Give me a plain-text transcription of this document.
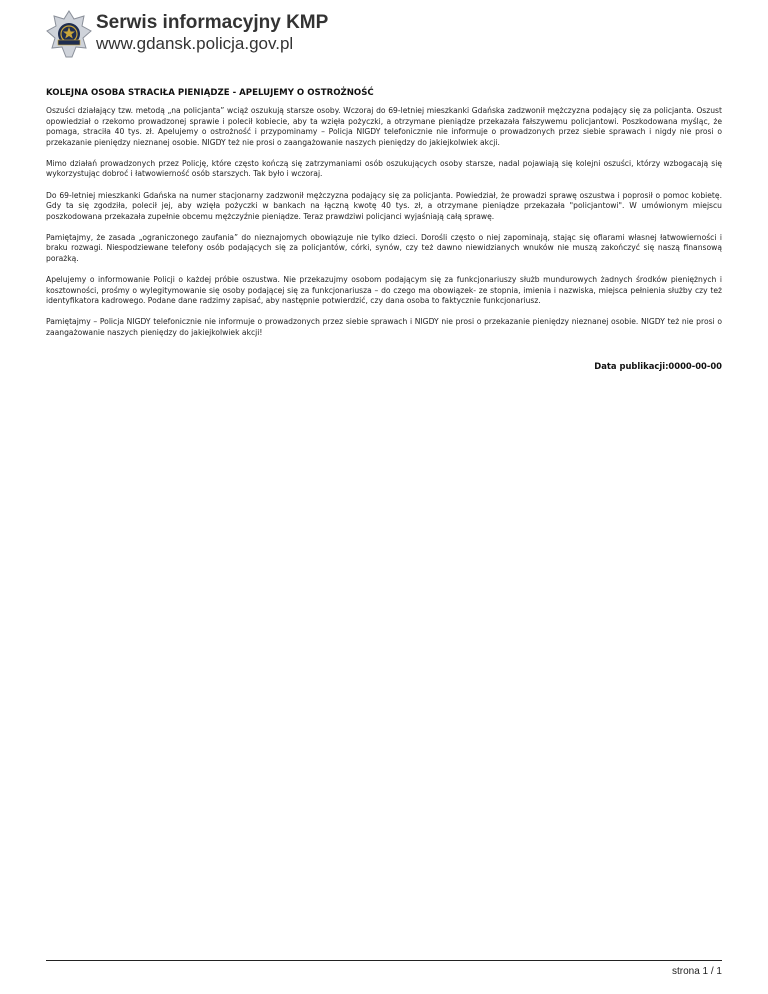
Serwis informacyjny KMP
www.gdansk.policja.gov.pl
KOLEJNA OSOBA STRACIŁA PIENIĄDZE - APELUJEMY O OSTROŻNOŚĆ

Oszuści działający tzw. metodą „na policjanta” wciąż oszukują starsze osoby. Wczoraj do 69-letniej mieszkanki Gdańska zadzwonił mężczyzna podający się za policjanta. Oszust opowiedział o rzekomo prowadzonej sprawie i polecił kobiecie, aby ta wzięła pożyczki, a otrzymane pieniądze przekazała fałszywemu policjantowi. Poszkodowana myśląc, że pomaga, straciła 40 tys. zł. Apelujemy o ostrożność i przypominamy – Policja NIGDY telefonicznie nie informuje o prowadzonych przez siebie sprawach i nigdy nie prosi o przekazanie pieniędzy nieznanej osobie. NIGDY też nie prosi o zaangażowanie naszych pieniędzy do jakiejkolwiek akcji.

Mimo działań prowadzonych przez Policję, które często kończą się zatrzymaniami osób oszukujących osoby starsze, nadal pojawiają się kolejni oszuści, którzy wzbogacają się wykorzystując dobroć i łatwowierność osób starszych. Tak było i wczoraj.

Do 69-letniej mieszkanki Gdańska na numer stacjonarny zadzwonił mężczyzna podający się za policjanta. Powiedział, że prowadzi sprawę oszustwa i poprosił o pomoc kobietę. Gdy ta się zgodziła, polecił jej, aby wzięła pożyczki w bankach na łączną kwotę 40 tys. zł, a otrzymane pieniądze przekazała "policjantowi". W umówionym miejscu poszkodowana przekazała zupełnie obcemu mężczyźnie pieniądze. Teraz prawdziwi policjanci wyjaśniają całą sprawę.

Pamiętajmy, że zasada „ograniczonego zaufania” do nieznajomych obowiązuje nie tylko dzieci. Dorośli często o niej zapominają, stając się ofiarami własnej łatwowierności i braku rozwagi. Niespodziewane telefony osób podających się za policjantów, córki, synów, czy też dawno niewidzianych wnuków nie muszą zakończyć się naszą finansową porażką.

Apelujemy o informowanie Policji o każdej próbie oszustwa. Nie przekazujmy osobom podającym się za funkcjonariuszy służb mundurowych żadnych środków pieniężnych i kosztowności, prośmy o wylegitymowanie się osoby podającej się za funkcjonariusza – do czego ma obowiązek- ze stopnia, imienia i nazwiska, miejsca pełnienia służby czy też identyfikatora kadrowego. Podane dane radzimy zapisać, aby następnie potwierdzić, czy dana osoba to faktycznie funkcjonariusz.

Pamiętajmy – Policja NIGDY telefonicznie nie informuje o prowadzonych przez siebie sprawach i NIGDY nie prosi o przekazanie pieniędzy nieznanej osobie. NIGDY też nie prosi o zaangażowanie naszych pieniędzy do jakiejkolwiek akcji!

Data publikacji:0000-00-00
strona 1 / 1
